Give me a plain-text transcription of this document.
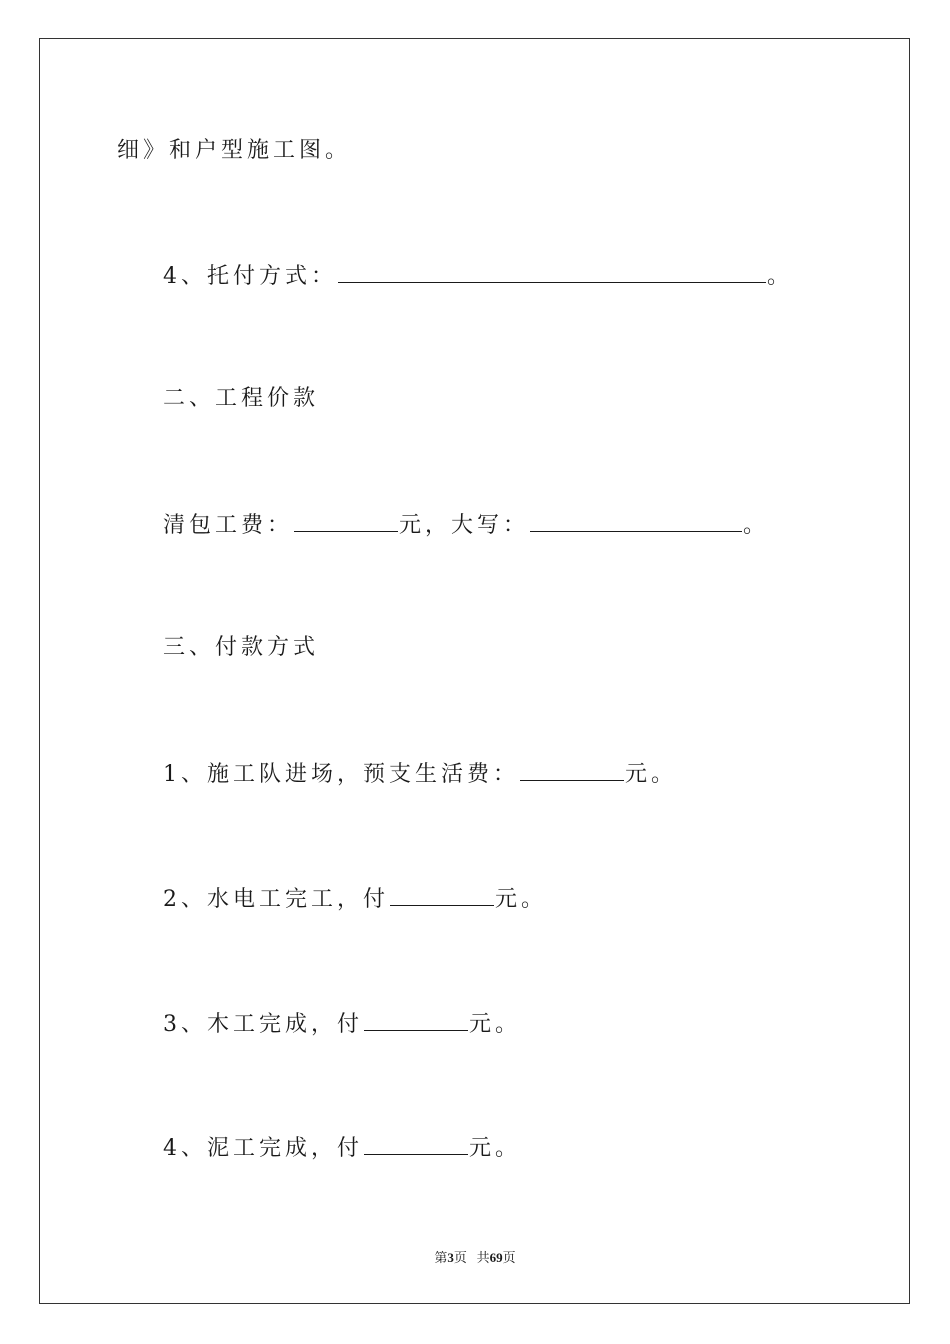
细》和户型施工图。
4、托付方式：	。
二、工程价款
清包工费：	元，大写：	。
三、付款方式
1、施工队进场，预支生活费：	元。
2、水电工完工，付	元。
3、木工完成，付	元。
4、泥工完成，付	元。
第3页 共69页
